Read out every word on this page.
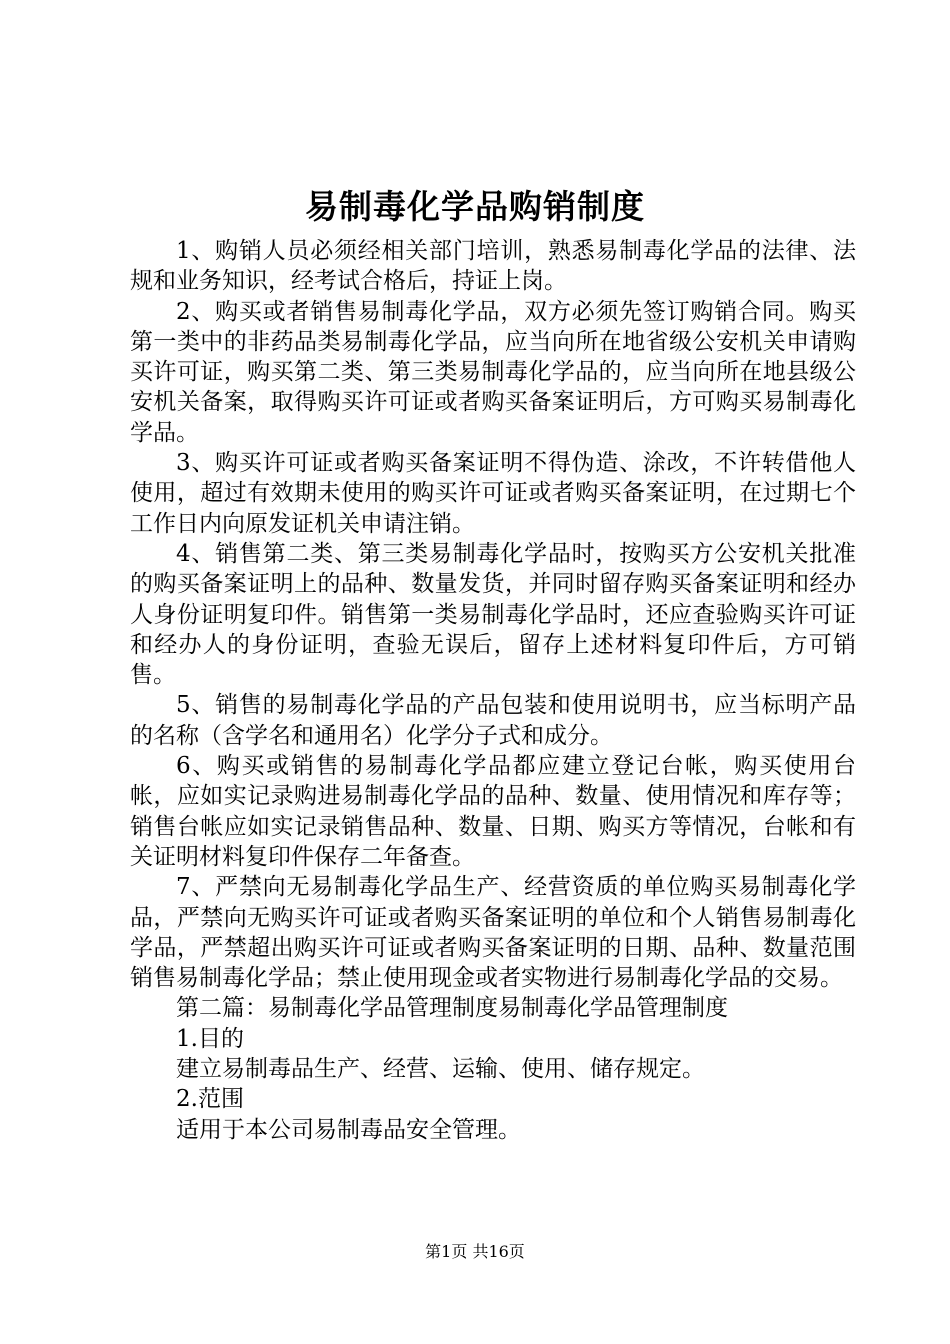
易制毒化学品购销制度

1、购销人员必须经相关部门培训，熟悉易制毒化学品的法律、法规和业务知识，经考试合格后，持证上岗。

2、购买或者销售易制毒化学品，双方必须先签订购销合同。购买第一类中的非药品类易制毒化学品，应当向所在地省级公安机关申请购买许可证，购买第二类、第三类易制毒化学品的，应当向所在地县级公安机关备案，取得购买许可证或者购买备案证明后，方可购买易制毒化学品。

3、购买许可证或者购买备案证明不得伪造、涂改，不许转借他人使用，超过有效期未使用的购买许可证或者购买备案证明，在过期七个工作日内向原发证机关申请注销。

4、销售第二类、第三类易制毒化学品时，按购买方公安机关批准的购买备案证明上的品种、数量发货，并同时留存购买备案证明和经办人身份证明复印件。销售第一类易制毒化学品时，还应查验购买许可证和经办人的身份证明，查验无误后，留存上述材料复印件后，方可销售。

5、销售的易制毒化学品的产品包装和使用说明书，应当标明产品的名称（含学名和通用名）化学分子式和成分。

6、购买或销售的易制毒化学品都应建立登记台帐，购买使用台帐，应如实记录购进易制毒化学品的品种、数量、使用情况和库存等；销售台帐应如实记录销售品种、数量、日期、购买方等情况，台帐和有关证明材料复印件保存二年备查。

7、严禁向无易制毒化学品生产、经营资质的单位购买易制毒化学品，严禁向无购买许可证或者购买备案证明的单位和个人销售易制毒化学品，严禁超出购买许可证或者购买备案证明的日期、品种、数量范围销售易制毒化学品；禁止使用现金或者实物进行易制毒化学品的交易。

第二篇：易制毒化学品管理制度易制毒化学品管理制度

1.目的

建立易制毒品生产、经营、运输、使用、储存规定。

2.范围

适用于本公司易制毒品安全管理。

第1页 共16页
